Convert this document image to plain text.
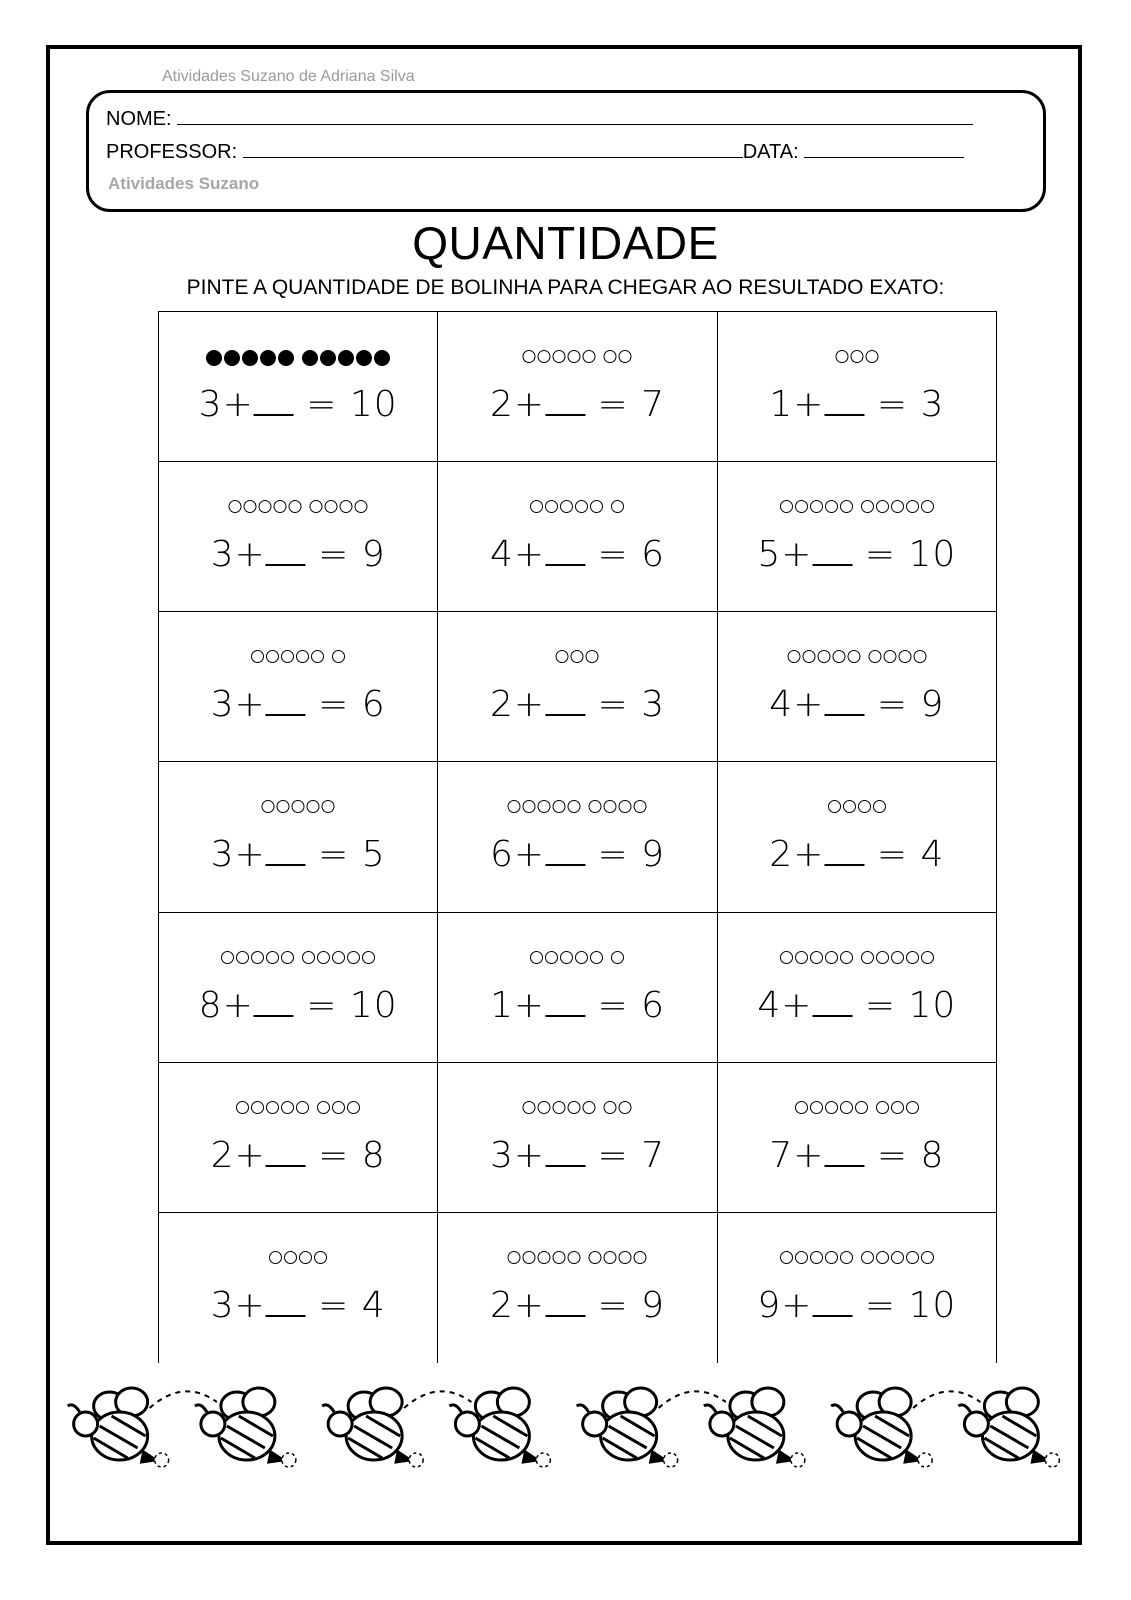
Atividades Suzano de Adriana Silva
NOME:
PROFESSOR:	DATA:
Atividades Suzano
QUANTIDADE
PINTE A QUANTIDADE DE BOLINHA PARA CHEGAR AO RESULTADO EXATO:
3+ = 10	2+ = 7	1+ = 3
3+ = 9	4+ = 6	5+ = 10
3+ = 6	2+ = 3	4+ = 9
3+ = 5	6+ = 9	2+ = 4
8+ = 10	1+ = 6	4+ = 10
2+ = 8	3+ = 7	7+ = 8
3+ = 4	2+ = 9	9+ = 10
